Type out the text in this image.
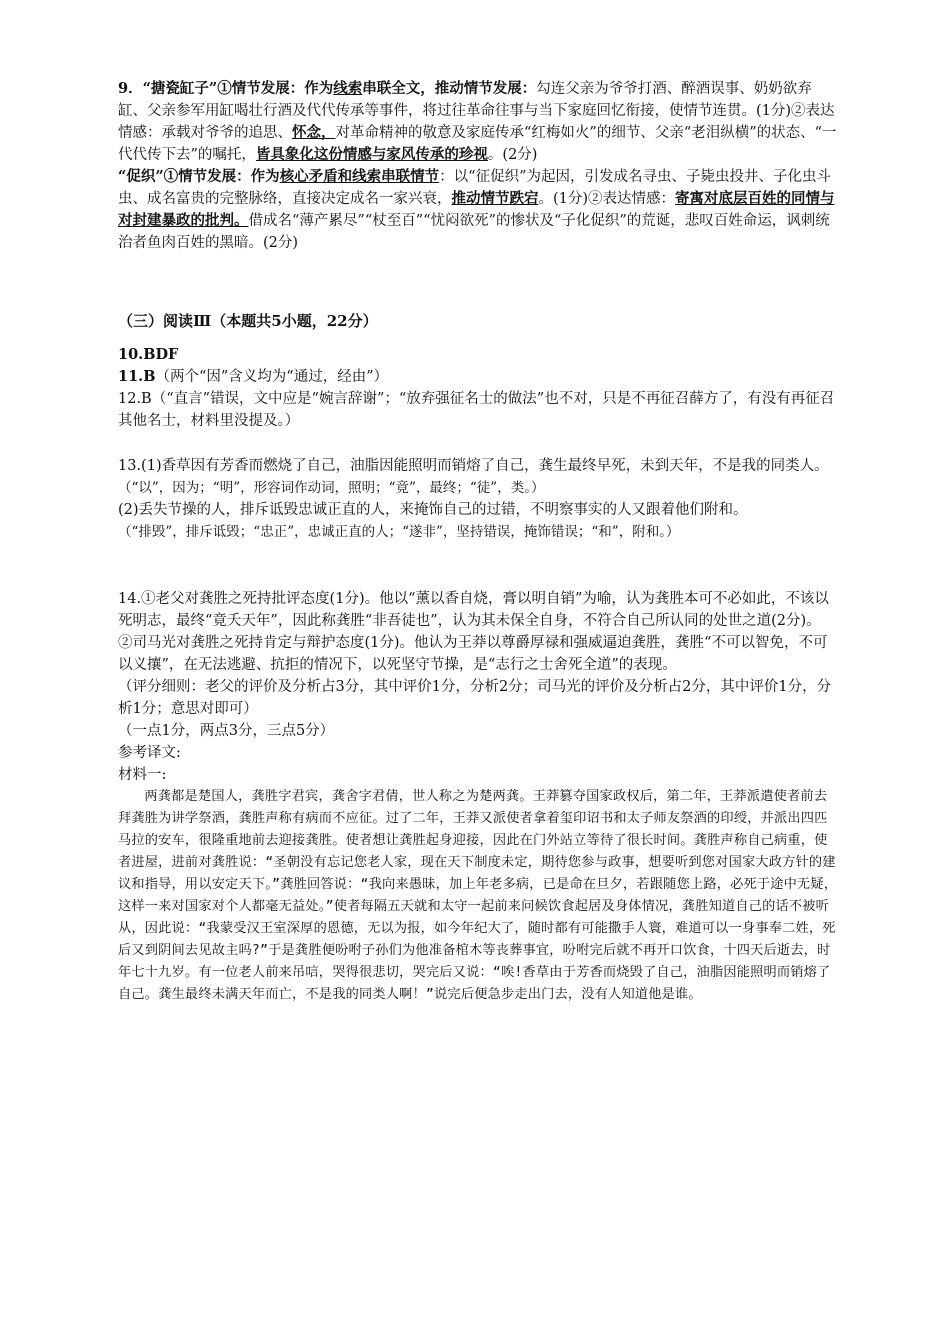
9．“搪瓷缸子”①情节发展：作为线索串联全文，推动情节发展：勾连父亲为爷爷打酒、醉酒误事、奶奶欲弃缸、父亲参军用缸喝壮行酒及代代传承等事件，将过往革命往事与当下家庭回忆衔接，使情节连贯。(1分)②表达情感：承载对爷爷的追思、怀念，对革命精神的敬意及家庭传承“红梅如火”的细节、父亲“老泪纵横”的状态、“一代代传下去”的嘱托，皆具象化这份情感与家风传承的珍视。(2分)

“促织”①情节发展：作为核心矛盾和线索串联情节：以“征促织”为起因，引发成名寻虫、子毙虫投井、子化虫斗虫、成名富贵的完整脉络，直接决定成名一家兴衰，推动情节跌宕。(1分)②表达情感：寄寓对底层百姓的同情与对封建暴政的批判。借成名“薄产累尽”“杖至百”“忧闷欲死”的惨状及“子化促织”的荒诞，悲叹百姓命运，讽刺统治者鱼肉百姓的黑暗。(2分)

（三）阅读Ⅲ（本题共5小题，22分）

10.BDF

11.B（两个“因”含义均为“通过，经由”）

12.B（“直言”错误，文中应是“婉言辞谢”；“放弃强征名士的做法”也不对，只是不再征召薛方了，有没有再征召其他名士，材料里没提及。）

13.(1)香草因有芳香而燃烧了自己，油脂因能照明而销熔了自己，龚生最终早死，未到天年，不是我的同类人。

（“以”，因为；“明”，形容词作动词，照明；“竟”，最终；“徒”，类。）

(2)丢失节操的人，排斥诋毁忠诚正直的人，来掩饰自己的过错，不明察事实的人又跟着他们附和。

（“排毁”，排斥诋毁；“忠正”，忠诚正直的人；“遂非”，坚持错误，掩饰错误；“和”，附和。）

14.①老父对龚胜之死持批评态度(1分)。他以“薰以香自烧，膏以明自销”为喻，认为龚胜本可不必如此，不该以死明志，最终“竟夭天年”，因此称龚胜“非吾徒也”，认为其未保全自身，不符合自己所认同的处世之道(2分)。

②司马光对龚胜之死持肯定与辩护态度(1分)。他认为王莽以尊爵厚禄和强威逼迫龚胜，龚胜“不可以智免，不可以义攘”，在无法逃避、抗拒的情况下，以死坚守节操，是“志行之士舍死全道”的表现。

（评分细则：老父的评价及分析占3分，其中评价1分，分析2分；司马光的评价及分析占2分，其中评价1分，分析1分；意思对即可）

（一点1分，两点3分，三点5分）

参考译文:

材料一:

两龚都是楚国人，龚胜字君宾，龚舍字君倩，世人称之为楚两龚。王莽篡夺国家政权后，第二年，王莽派遣使者前去拜龚胜为讲学祭酒，龚胜声称有病而不应征。过了二年，王莽又派使者拿着玺印诏书和太子师友祭酒的印绶，并派出四匹马拉的安车，很隆重地前去迎接龚胜。使者想让龚胜起身迎接，因此在门外站立等待了很长时间。龚胜声称自己病重，使者进屋，进前对龚胜说：“圣朝没有忘记您老人家，现在天下制度未定，期待您参与政事，想要听到您对国家大政方针的建议和指导，用以安定天下。”龚胜回答说：“我向来愚昧，加上年老多病，已是命在旦夕，若跟随您上路，必死于途中无疑，这样一来对国家对个人都毫无益处。”使者每隔五天就和太守一起前来问候饮食起居及身体情况，龚胜知道自己的话不被听从，因此说：“我蒙受汉王室深厚的恩德，无以为报，如今年纪大了，随时都有可能撒手人寰，难道可以一身事奉二姓，死后又到阴间去见故主吗?”于是龚胜便吩咐子孙们为他准备棺木等丧葬事宜，吩咐完后就不再开口饮食，十四天后逝去，时年七十九岁。有一位老人前来吊唁，哭得很悲切，哭完后又说：“唉!香草由于芳香而烧毁了自己，油脂因能照明而销熔了自己。龚生最终未满天年而亡，不是我的同类人啊！”说完后便急步走出门去，没有人知道他是谁。
